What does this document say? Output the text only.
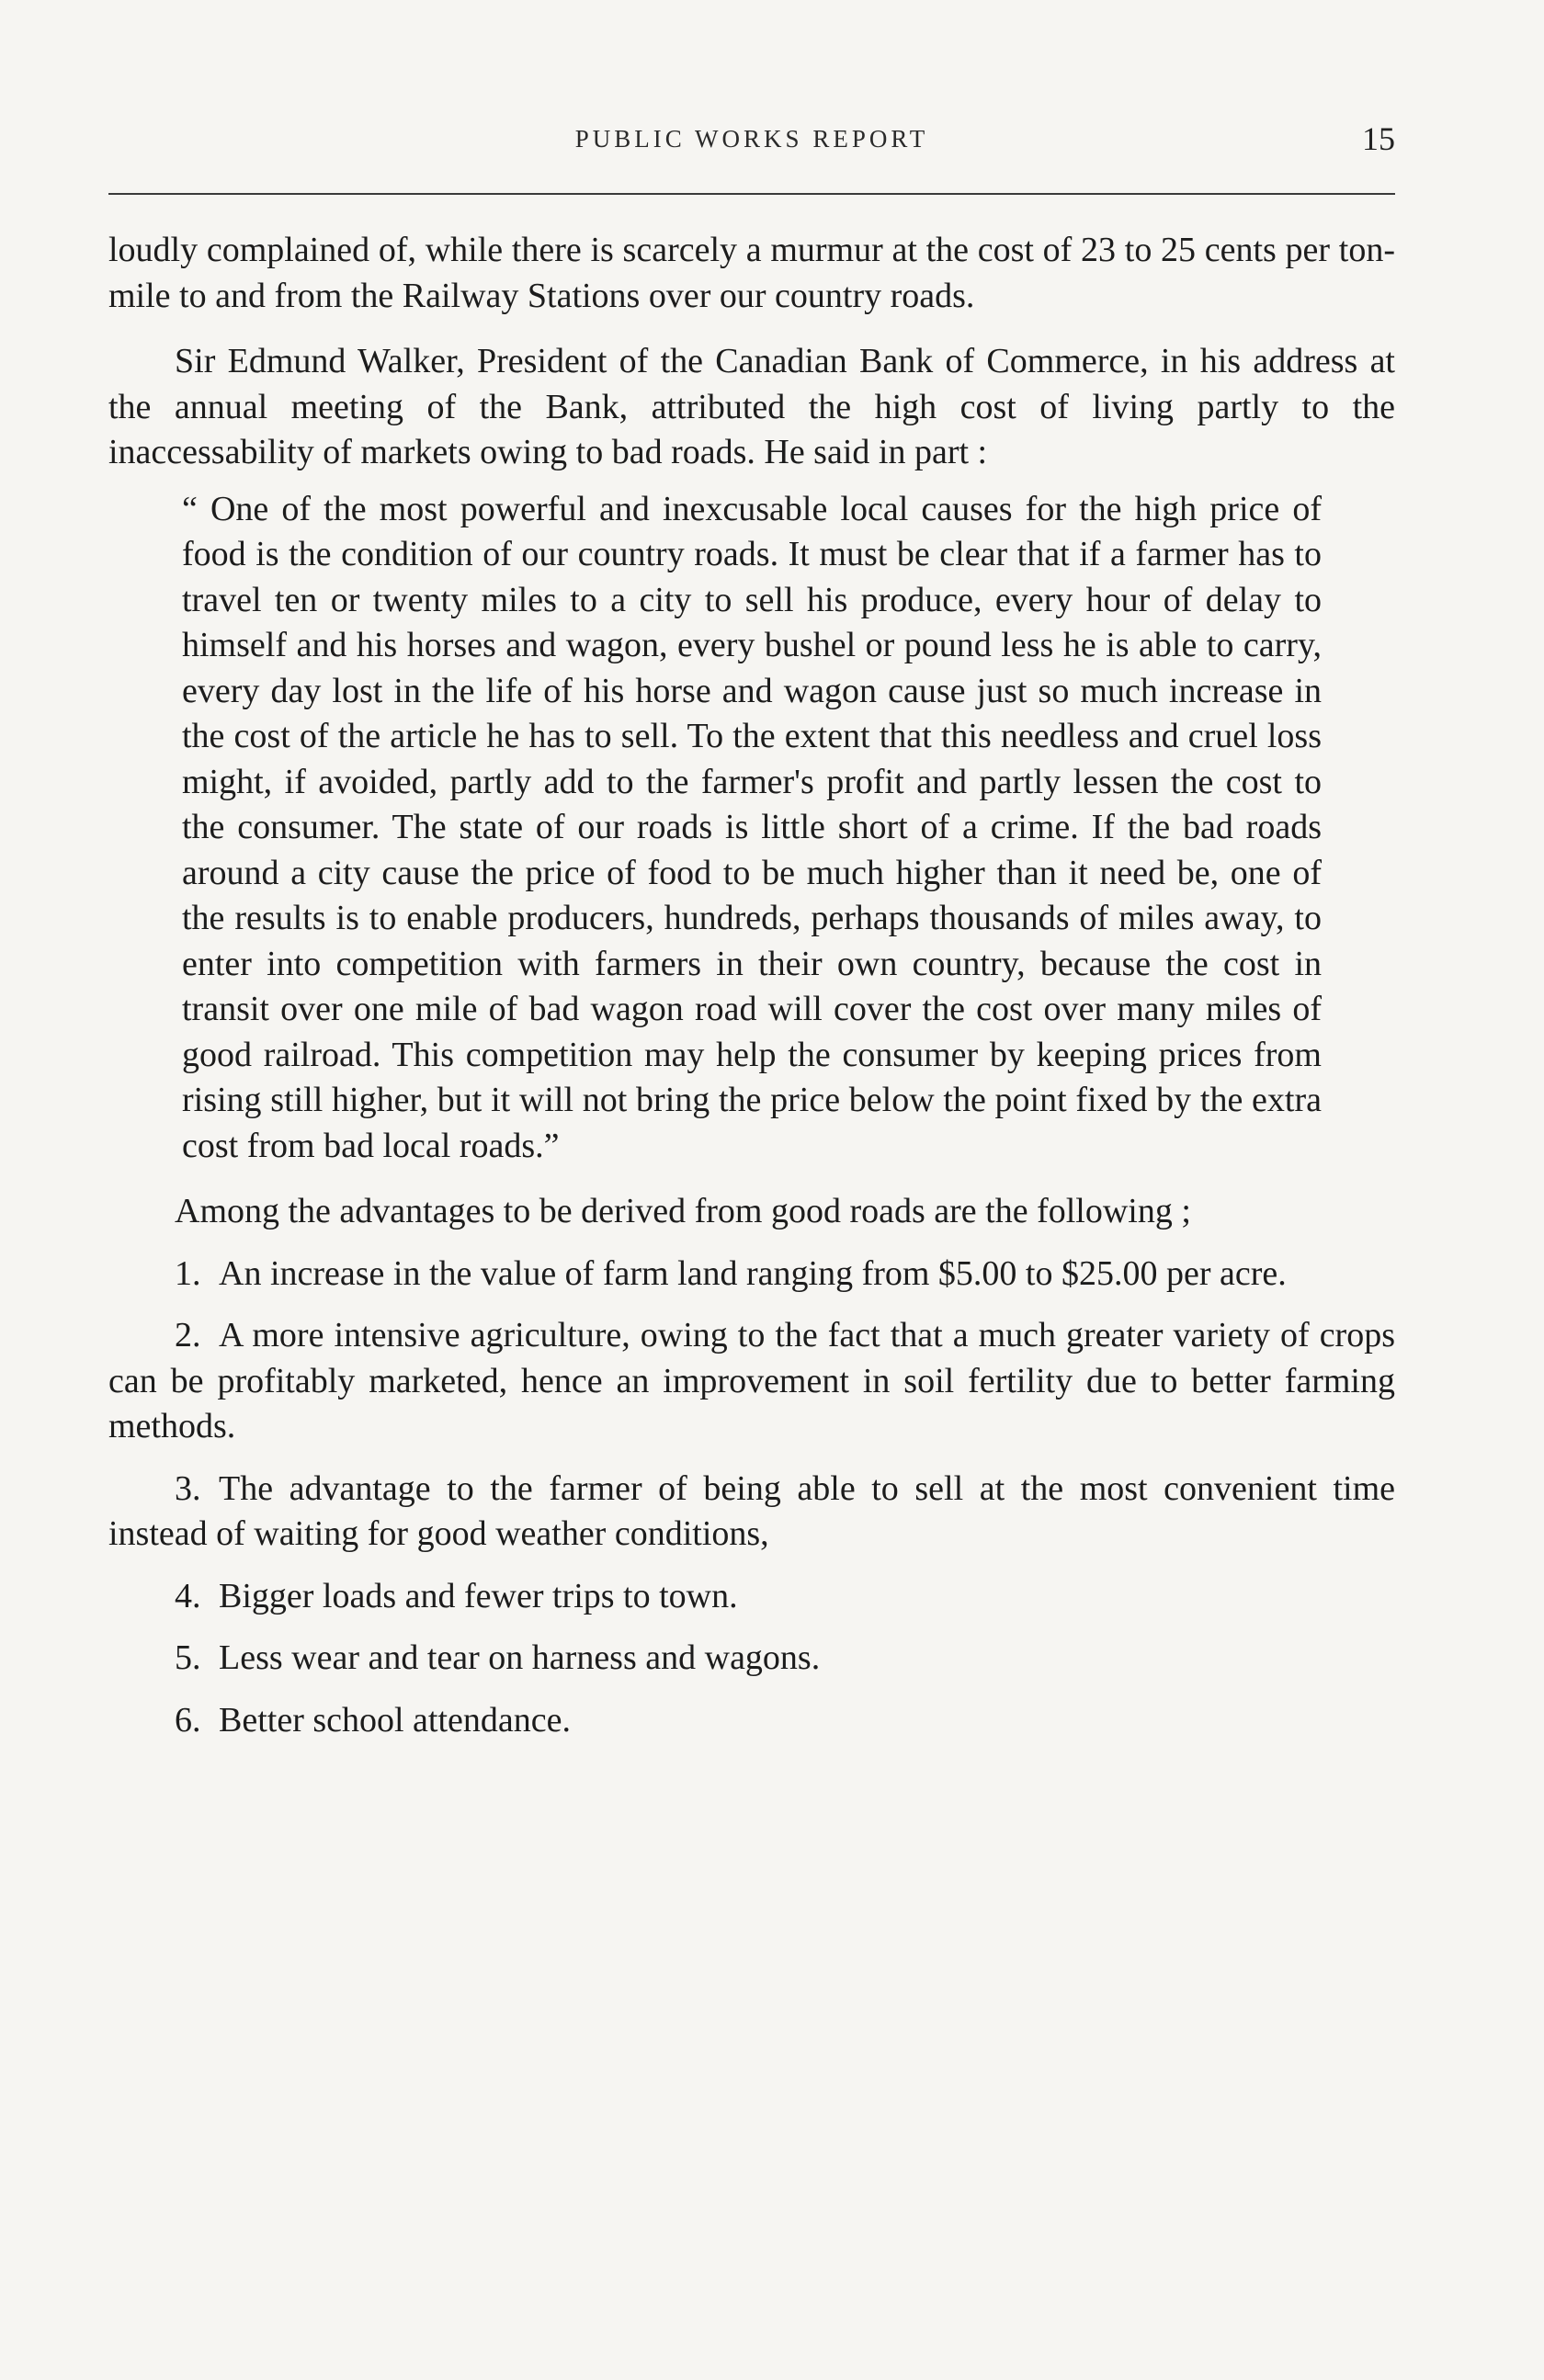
PUBLIC WORKS REPORT	15

loudly complained of, while there is scarcely a murmur at the cost of 23 to 25 cents per ton-mile to and from the Railway Stations over our country roads.

Sir Edmund Walker, President of the Canadian Bank of Commerce, in his address at the annual meeting of the Bank, attributed the high cost of living partly to the inaccessability of markets owing to bad roads. He said in part :

“ One of the most powerful and inexcusable local causes for the high price of food is the condition of our country roads. It must be clear that if a farmer has to travel ten or twenty miles to a city to sell his produce, every hour of delay to himself and his horses and wagon, every bushel or pound less he is able to carry, every day lost in the life of his horse and wagon cause just so much increase in the cost of the article he has to sell. To the extent that this needless and cruel loss might, if avoided, partly add to the farmer's profit and partly lessen the cost to the consumer. The state of our roads is little short of a crime. If the bad roads around a city cause the price of food to be much higher than it need be, one of the results is to enable producers, hundreds, perhaps thousands of miles away, to enter into competition with farmers in their own country, because the cost in transit over one mile of bad wagon road will cover the cost over many miles of good railroad. This competition may help the consumer by keeping prices from rising still higher, but it will not bring the price below the point fixed by the extra cost from bad local roads.”

Among the advantages to be derived from good roads are the following ;

1. An increase in the value of farm land ranging from $5.00 to $25.00 per acre.

2. A more intensive agriculture, owing to the fact that a much greater variety of crops can be profitably marketed, hence an improvement in soil fertility due to better farming methods.

3. The advantage to the farmer of being able to sell at the most convenient time instead of waiting for good weather conditions,

4. Bigger loads and fewer trips to town.

5. Less wear and tear on harness and wagons.

6. Better school attendance.
